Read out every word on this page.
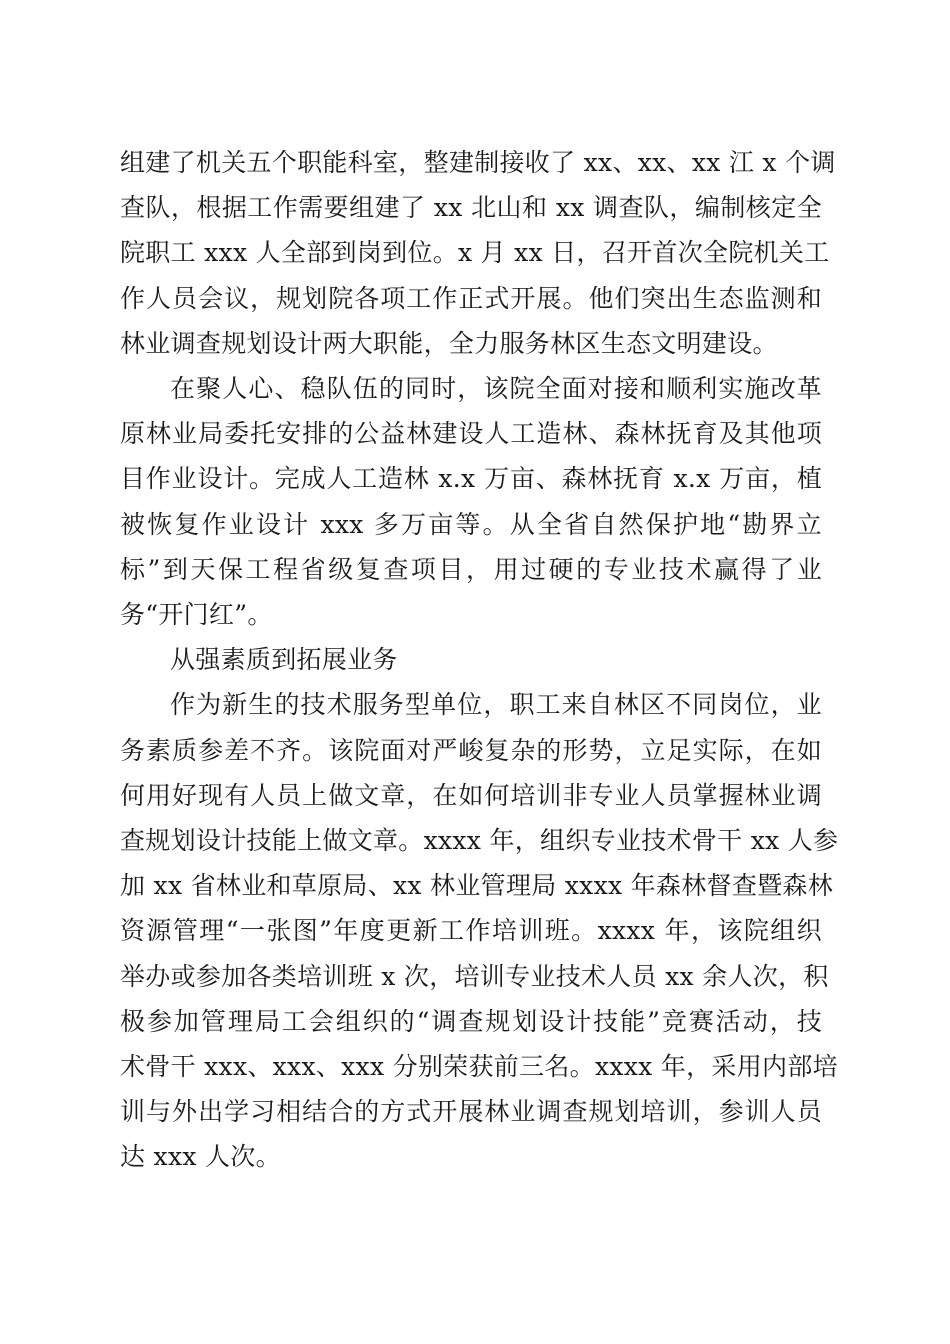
组建了机关五个职能科室，整建制接收了 xx、xx、xx 江 x 个调
查队，根据工作需要组建了 xx 北山和 xx 调查队，编制核定全
院职工 xxx 人全部到岗到位。x 月 xx 日，召开首次全院机关工
作人员会议，规划院各项工作正式开展。他们突出生态监测和
林业调查规划设计两大职能，全力服务林区生态文明建设。
在聚人心、稳队伍的同时，该院全面对接和顺利实施改革
原林业局委托安排的公益林建设人工造林、森林抚育及其他项
目作业设计。完成人工造林 x.x 万亩、森林抚育 x.x 万亩，植
被恢复作业设计 xxx 多万亩等。从全省自然保护地“勘界立
标”到天保工程省级复查项目，用过硬的专业技术赢得了业
务“开门红”。
从强素质到拓展业务
作为新生的技术服务型单位，职工来自林区不同岗位，业
务素质参差不齐。该院面对严峻复杂的形势，立足实际，在如
何用好现有人员上做文章，在如何培训非专业人员掌握林业调
查规划设计技能上做文章。xxxx 年，组织专业技术骨干 xx 人参
加 xx 省林业和草原局、xx 林业管理局 xxxx 年森林督查暨森林
资源管理“一张图”年度更新工作培训班。xxxx 年，该院组织
举办或参加各类培训班 x 次，培训专业技术人员 xx 余人次，积
极参加管理局工会组织的“调查规划设计技能”竞赛活动，技
术骨干 xxx、xxx、xxx 分别荣获前三名。xxxx 年，采用内部培
训与外出学习相结合的方式开展林业调查规划培训，参训人员
达 xxx 人次。
